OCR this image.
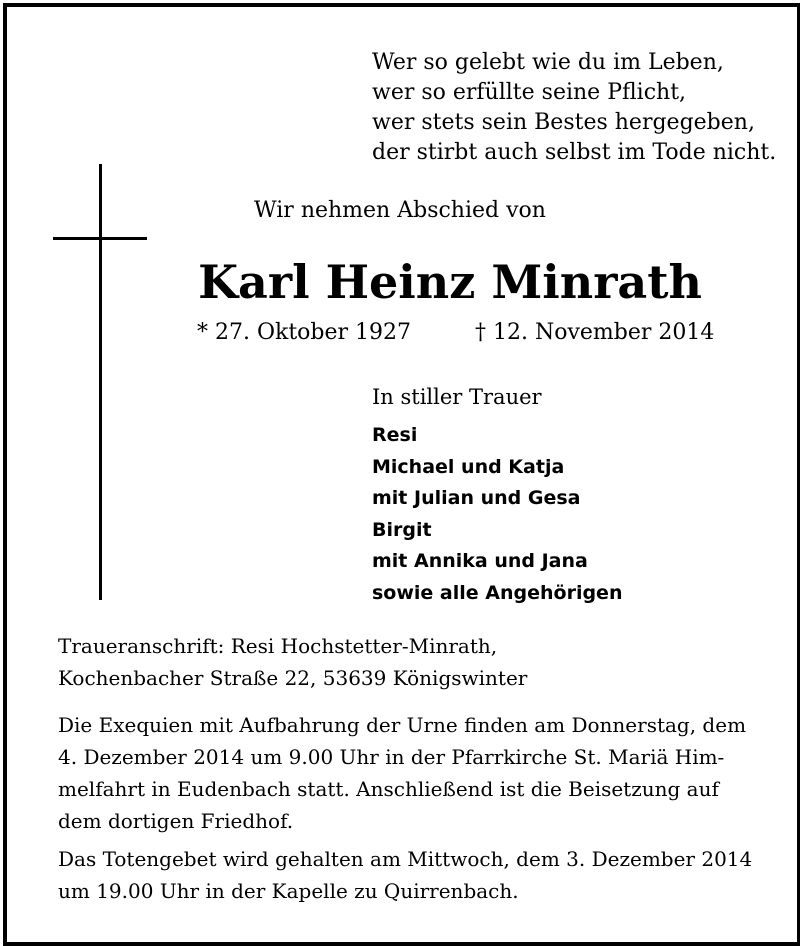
Wer so gelebt wie du im Leben,
wer so erfüllte seine Pflicht,
wer stets sein Bestes hergegeben,
der stirbt auch selbst im Tode nicht.
Wir nehmen Abschied von
Karl Heinz Minrath
* 27. Oktober 1927	† 12. November 2014
In stiller Trauer
Resi
Michael und Katja
mit Julian und Gesa
Birgit
mit Annika und Jana
sowie alle Angehörigen
Traueranschrift: Resi Hochstetter-Minrath,
Kochenbacher Straße 22, 53639 Königswinter
Die Exequien mit Aufbahrung der Urne finden am Donnerstag, dem
4. Dezember 2014 um 9.00 Uhr in der Pfarrkirche St. Mariä Him-
melfahrt in Eudenbach statt. Anschließend ist die Beisetzung auf
dem dortigen Friedhof.
Das Totengebet wird gehalten am Mittwoch, dem 3. Dezember 2014
um 19.00 Uhr in der Kapelle zu Quirrenbach.
